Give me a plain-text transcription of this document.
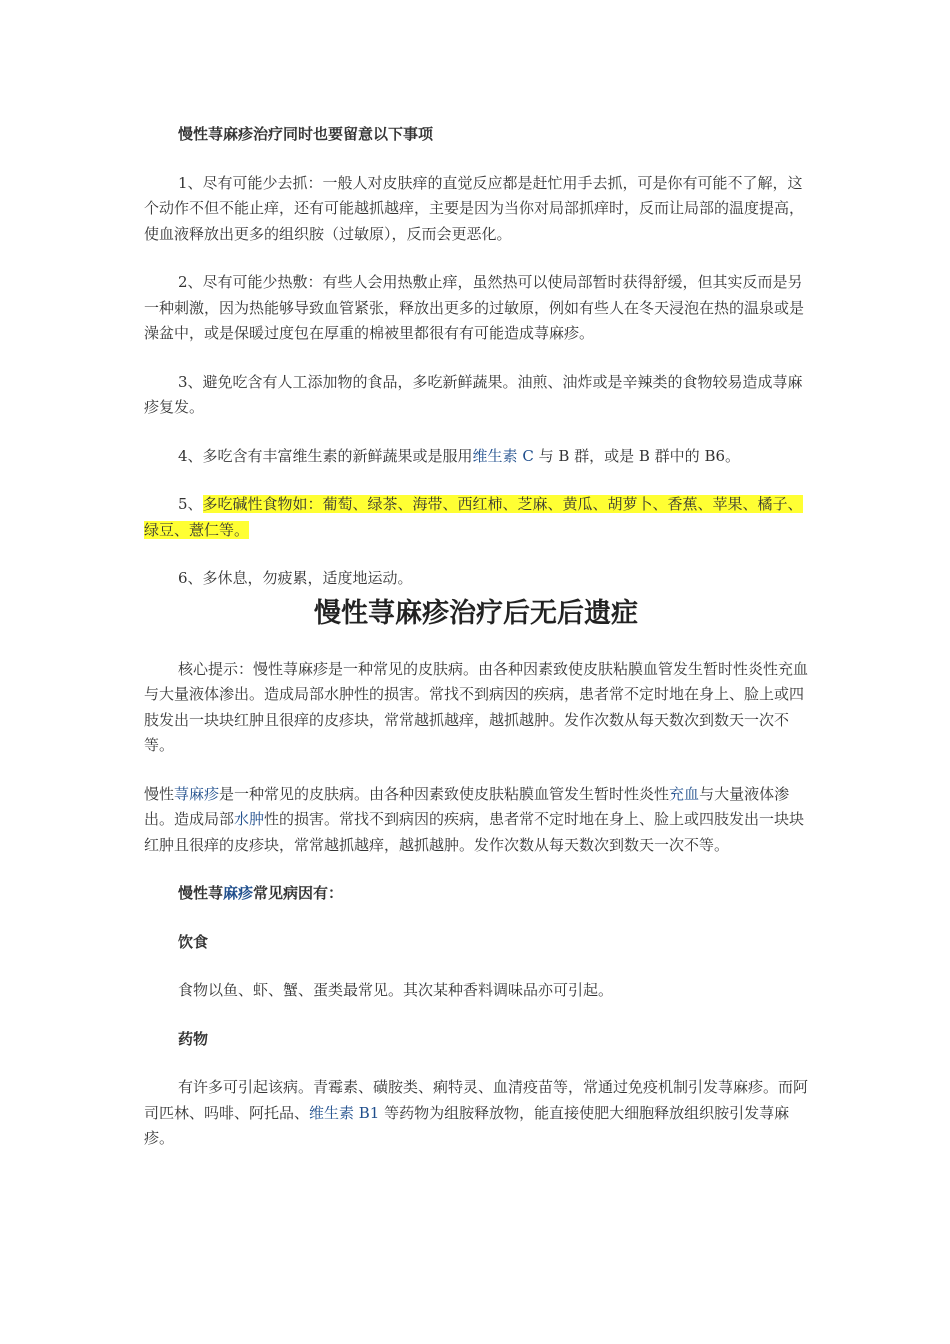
慢性荨麻疹治疗同时也要留意以下事项

1、尽有可能少去抓：一般人对皮肤痒的直觉反应都是赶忙用手去抓，可是你有可能不了解，这个动作不但不能止痒，还有可能越抓越痒，主要是因为当你对局部抓痒时，反而让局部的温度提高，使血液释放出更多的组织胺（过敏原），反而会更恶化。

2、尽有可能少热敷：有些人会用热敷止痒，虽然热可以使局部暂时获得舒缓，但其实反而是另一种刺激，因为热能够导致血管紧张，释放出更多的过敏原，例如有些人在冬天浸泡在热的温泉或是澡盆中，或是保暖过度包在厚重的棉被里都很有有可能造成荨麻疹。

3、避免吃含有人工添加物的食品，多吃新鲜蔬果。油煎、油炸或是辛辣类的食物较易造成荨麻疹复发。

4、多吃含有丰富维生素的新鲜蔬果或是服用维生素 C 与 B 群，或是 B 群中的 B6。

5、多吃碱性食物如：葡萄、绿茶、海带、西红柿、芝麻、黄瓜、胡萝卜、香蕉、苹果、橘子、绿豆、薏仁等。

6、多休息，勿疲累，适度地运动。

慢性荨麻疹治疗后无后遗症

核心提示：慢性荨麻疹是一种常见的皮肤病。由各种因素致使皮肤粘膜血管发生暂时性炎性充血与大量液体渗出。造成局部水肿性的损害。常找不到病因的疾病，患者常不定时地在身上、脸上或四肢发出一块块红肿且很痒的皮疹块，常常越抓越痒，越抓越肿。发作次数从每天数次到数天一次不等。

慢性荨麻疹是一种常见的皮肤病。由各种因素致使皮肤粘膜血管发生暂时性炎性充血与大量液体渗出。造成局部水肿性的损害。常找不到病因的疾病，患者常不定时地在身上、脸上或四肢发出一块块红肿且很痒的皮疹块，常常越抓越痒，越抓越肿。发作次数从每天数次到数天一次不等。

慢性荨麻疹常见病因有：

饮食

食物以鱼、虾、蟹、蛋类最常见。其次某种香料调味品亦可引起。

药物

有许多可引起该病。青霉素、磺胺类、痢特灵、血清疫苗等，常通过免疫机制引发荨麻疹。而阿司匹林、吗啡、阿托品、维生素 B1 等药物为组胺释放物，能直接使肥大细胞释放组织胺引发荨麻疹。
